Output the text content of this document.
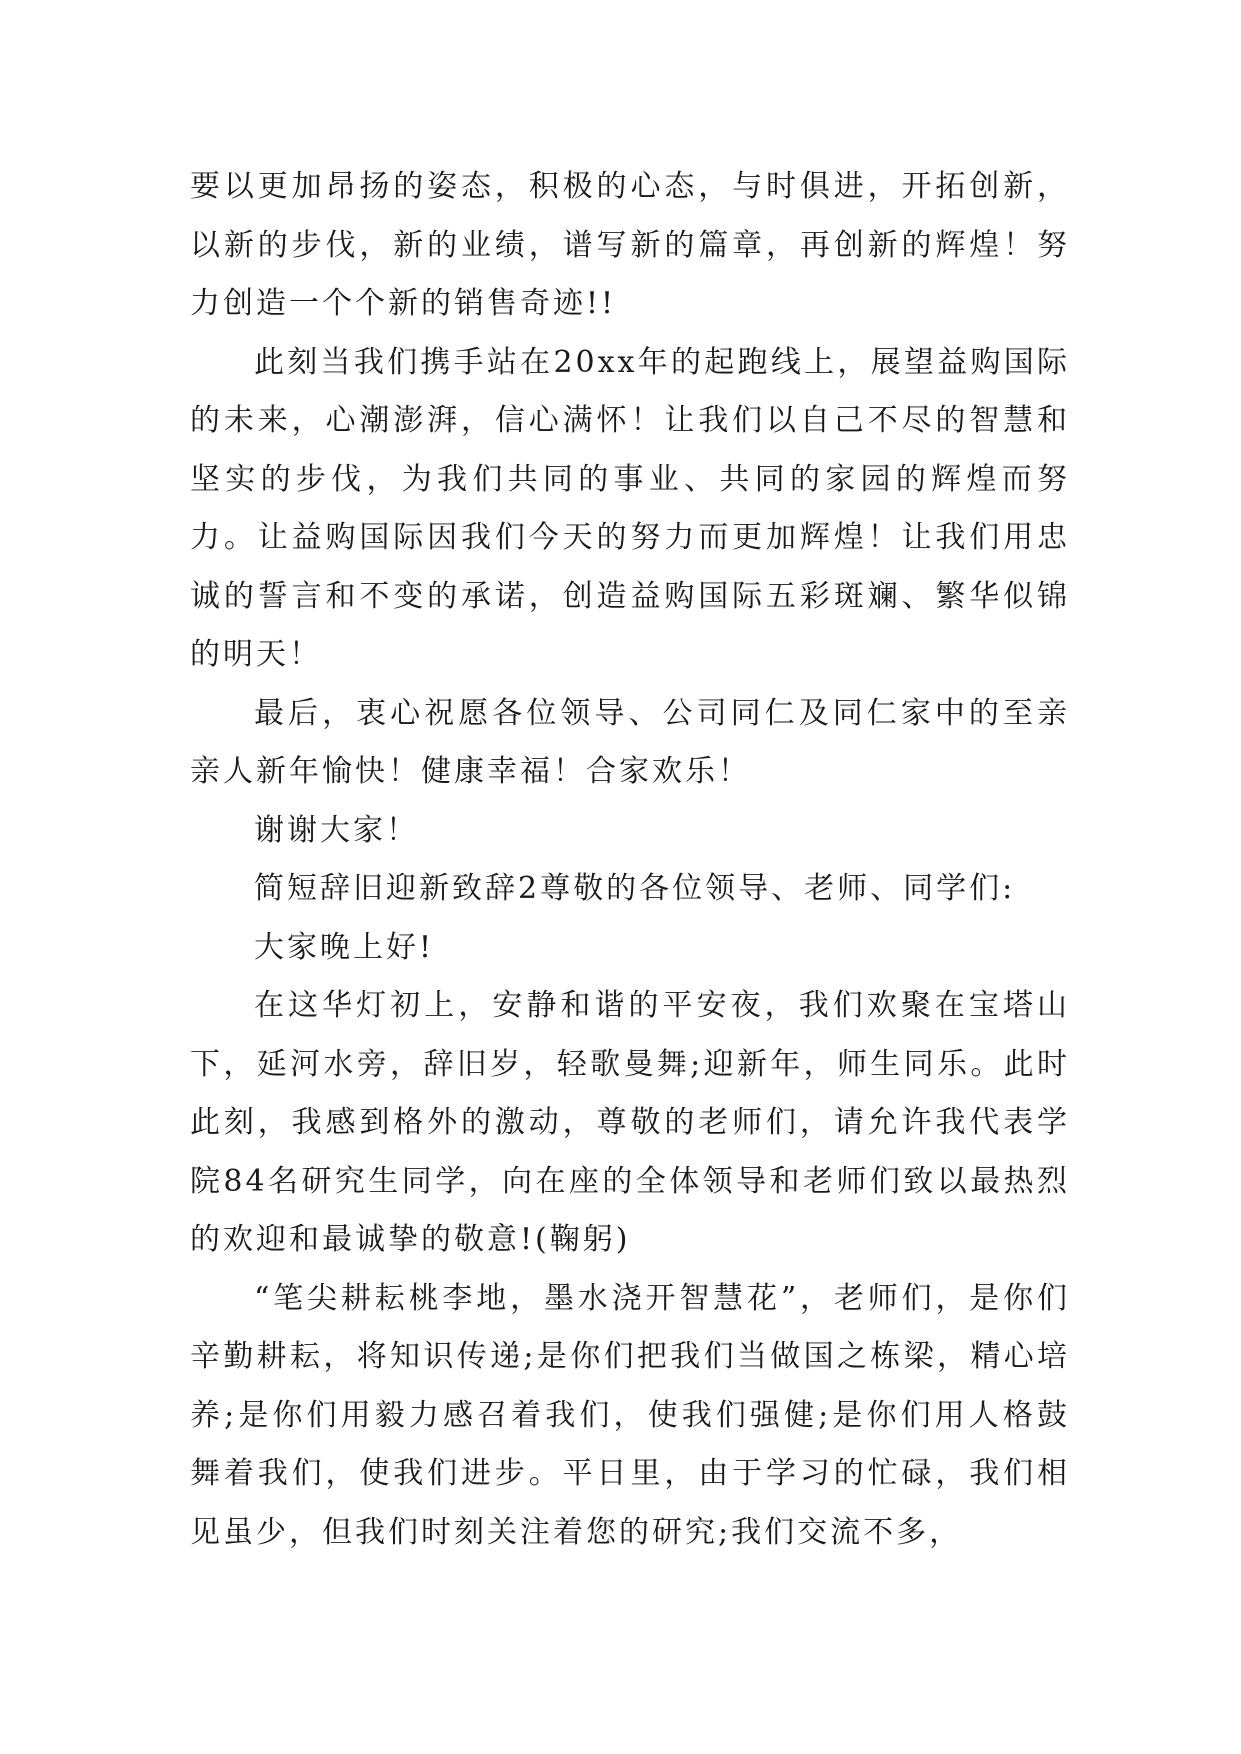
要以更加昂扬的姿态，积极的心态，与时俱进，开拓创新，以新的步伐，新的业绩，谱写新的篇章，再创新的辉煌！努力创造一个个新的销售奇迹!!

此刻当我们携手站在20xx年的起跑线上，展望益购国际的未来，心潮澎湃，信心满怀！让我们以自己不尽的智慧和坚实的步伐，为我们共同的事业、共同的家园的辉煌而努力。让益购国际因我们今天的努力而更加辉煌！让我们用忠诚的誓言和不变的承诺，创造益购国际五彩斑斓、繁华似锦的明天！

最后，衷心祝愿各位领导、公司同仁及同仁家中的至亲亲人新年愉快！健康幸福！合家欢乐！

谢谢大家！

简短辞旧迎新致辞2尊敬的各位领导、老师、同学们:

大家晚上好!

在这华灯初上，安静和谐的平安夜，我们欢聚在宝塔山下，延河水旁，辞旧岁，轻歌曼舞;迎新年，师生同乐。此时此刻，我感到格外的激动，尊敬的老师们，请允许我代表学院84名研究生同学，向在座的全体领导和老师们致以最热烈的欢迎和最诚挚的敬意!(鞠躬)

“笔尖耕耘桃李地，墨水浇开智慧花”，老师们，是你们辛勤耕耘，将知识传递;是你们把我们当做国之栋梁，精心培养;是你们用毅力感召着我们，使我们强健;是你们用人格鼓舞着我们，使我们进步。平日里，由于学习的忙碌，我们相见虽少，但我们时刻关注着您的研究;我们交流不多，
